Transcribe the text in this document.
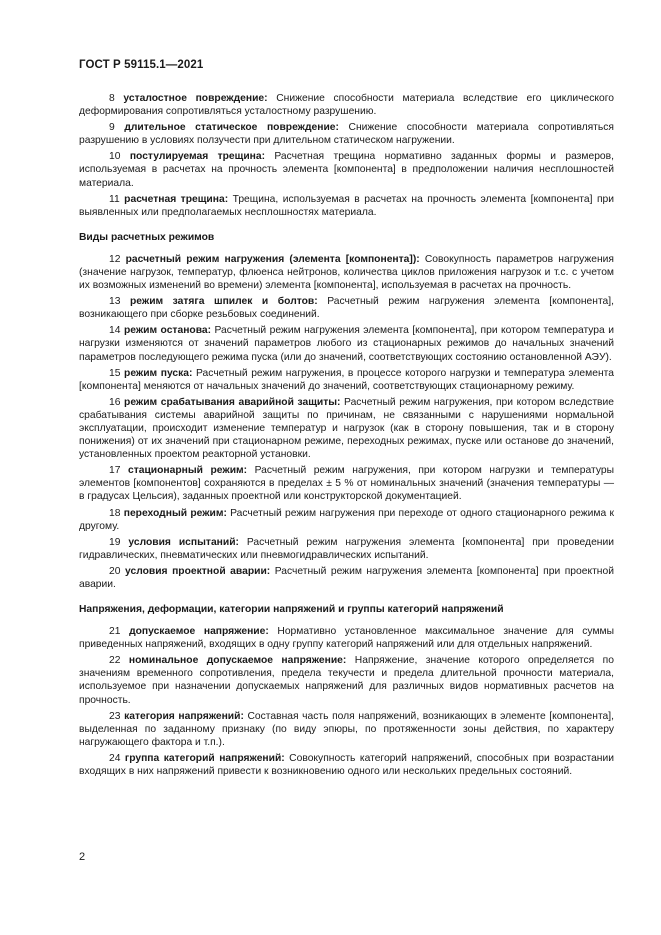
ГОСТ Р 59115.1—2021

8 усталостное повреждение: Снижение способности материала вследствие его циклического деформирования сопротивляться усталостному разрушению.

9 длительное статическое повреждение: Снижение способности материала сопротивляться разрушению в условиях ползучести при длительном статическом нагружении.

10 постулируемая трещина: Расчетная трещина нормативно заданных формы и размеров, используемая в расчетах на прочность элемента [компонента] в предположении наличия несплошностей материала.

11 расчетная трещина: Трещина, используемая в расчетах на прочность элемента [компонента] при выявленных или предполагаемых несплошностях материала.

Виды расчетных режимов

12 расчетный режим нагружения (элемента [компонента]): Совокупность параметров нагружения (значение нагрузок, температур, флюенса нейтронов, количества циклов приложения нагрузок и т.с. с учетом их возможных изменений во времени) элемента [компонента], используемая в расчетах на прочность.

13 режим затяга шпилек и болтов: Расчетный режим нагружения элемента [компонента], возникающего при сборке резьбовых соединений.

14 режим останова: Расчетный режим нагружения элемента [компонента], при котором температура и нагрузки изменяются от значений параметров любого из стационарных режимов до начальных значений параметров последующего режима пуска (или до значений, соответствующих состоянию остановленной АЭУ).

15 режим пуска: Расчетный режим нагружения, в процессе которого нагрузки и температура элемента [компонента] меняются от начальных значений до значений, соответствующих стационарному режиму.

16 режим срабатывания аварийной защиты: Расчетный режим нагружения, при котором вследствие срабатывания системы аварийной защиты по причинам, не связанными с нарушениями нормальной эксплуатации, происходит изменение температур и нагрузок (как в сторону повышения, так и в сторону понижения) от их значений при стационарном режиме, переходных режимах, пуске или останове до значений, установленных проектом реакторной установки.

17 стационарный режим: Расчетный режим нагружения, при котором нагрузки и температуры элементов [компонентов] сохраняются в пределах ± 5 % от номинальных значений (значения температуры — в градусах Цельсия), заданных проектной или конструкторской документацией.

18 переходный режим: Расчетный режим нагружения при переходе от одного стационарного режима к другому.

19 условия испытаний: Расчетный режим нагружения элемента [компонента] при проведении гидравлических, пневматических или пневмогидравлических испытаний.

20 условия проектной аварии: Расчетный режим нагружения элемента [компонента] при проектной аварии.

Напряжения, деформации, категории напряжений и группы категорий напряжений

21 допускаемое напряжение: Нормативно установленное максимальное значение для суммы приведенных напряжений, входящих в одну группу категорий напряжений или для отдельных напряжений.

22 номинальное допускаемое напряжение: Напряжение, значение которого определяется по значениям временного сопротивления, предела текучести и предела длительной прочности материала, используемое при назначении допускаемых напряжений для различных видов нормативных расчетов на прочность.

23 категория напряжений: Составная часть поля напряжений, возникающих в элементе [компонента], выделенная по заданному признаку (по виду эпюры, по протяженности зоны действия, по характеру нагружающего фактора и т.п.).

24 группа категорий напряжений: Совокупность категорий напряжений, способных при возрастании входящих в них напряжений привести к возникновению одного или нескольких предельных состояний.

2
